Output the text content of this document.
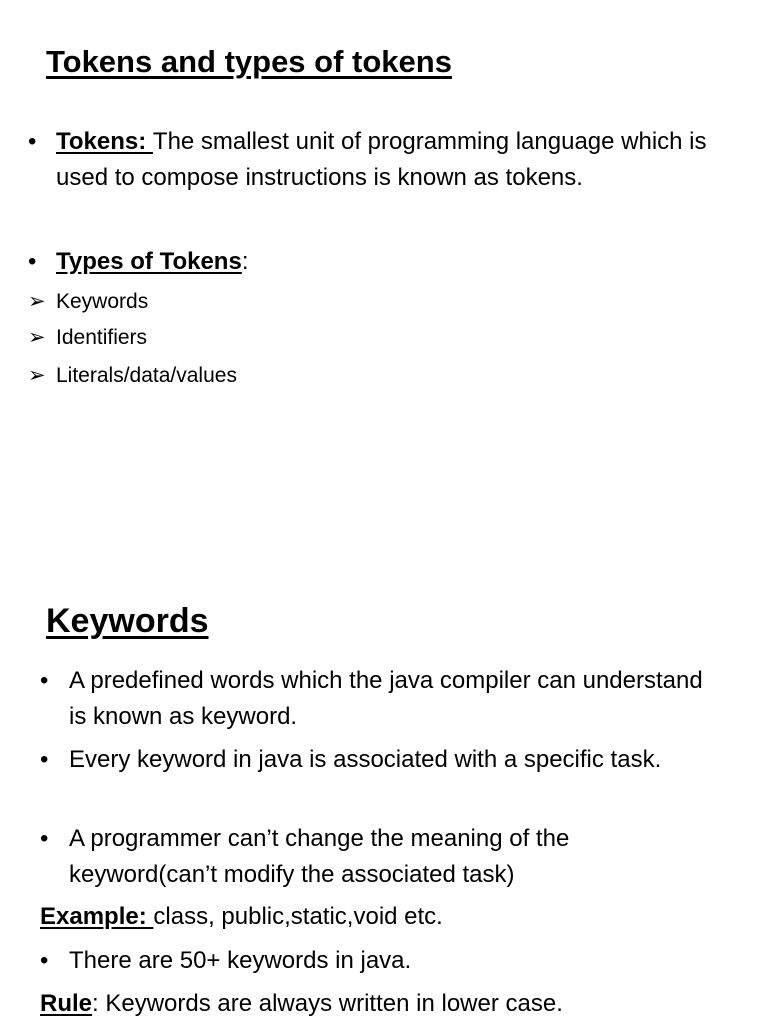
Tokens and types of tokens
• Tokens: The smallest unit of programming language which is used to compose instructions is known as tokens.
• Types of Tokens:
➢ Keywords
➢ Identifiers
➢ Literals/data/values
Keywords
• A predefined words which the java compiler can understand is known as keyword.
• Every keyword in java is associated with a specific task.
• A programmer can’t change the meaning of the keyword(can’t modify the associated task)
Example: class, public,static,void etc.
• There are 50+ keywords in java.
Rule: Keywords are always written in lower case.
